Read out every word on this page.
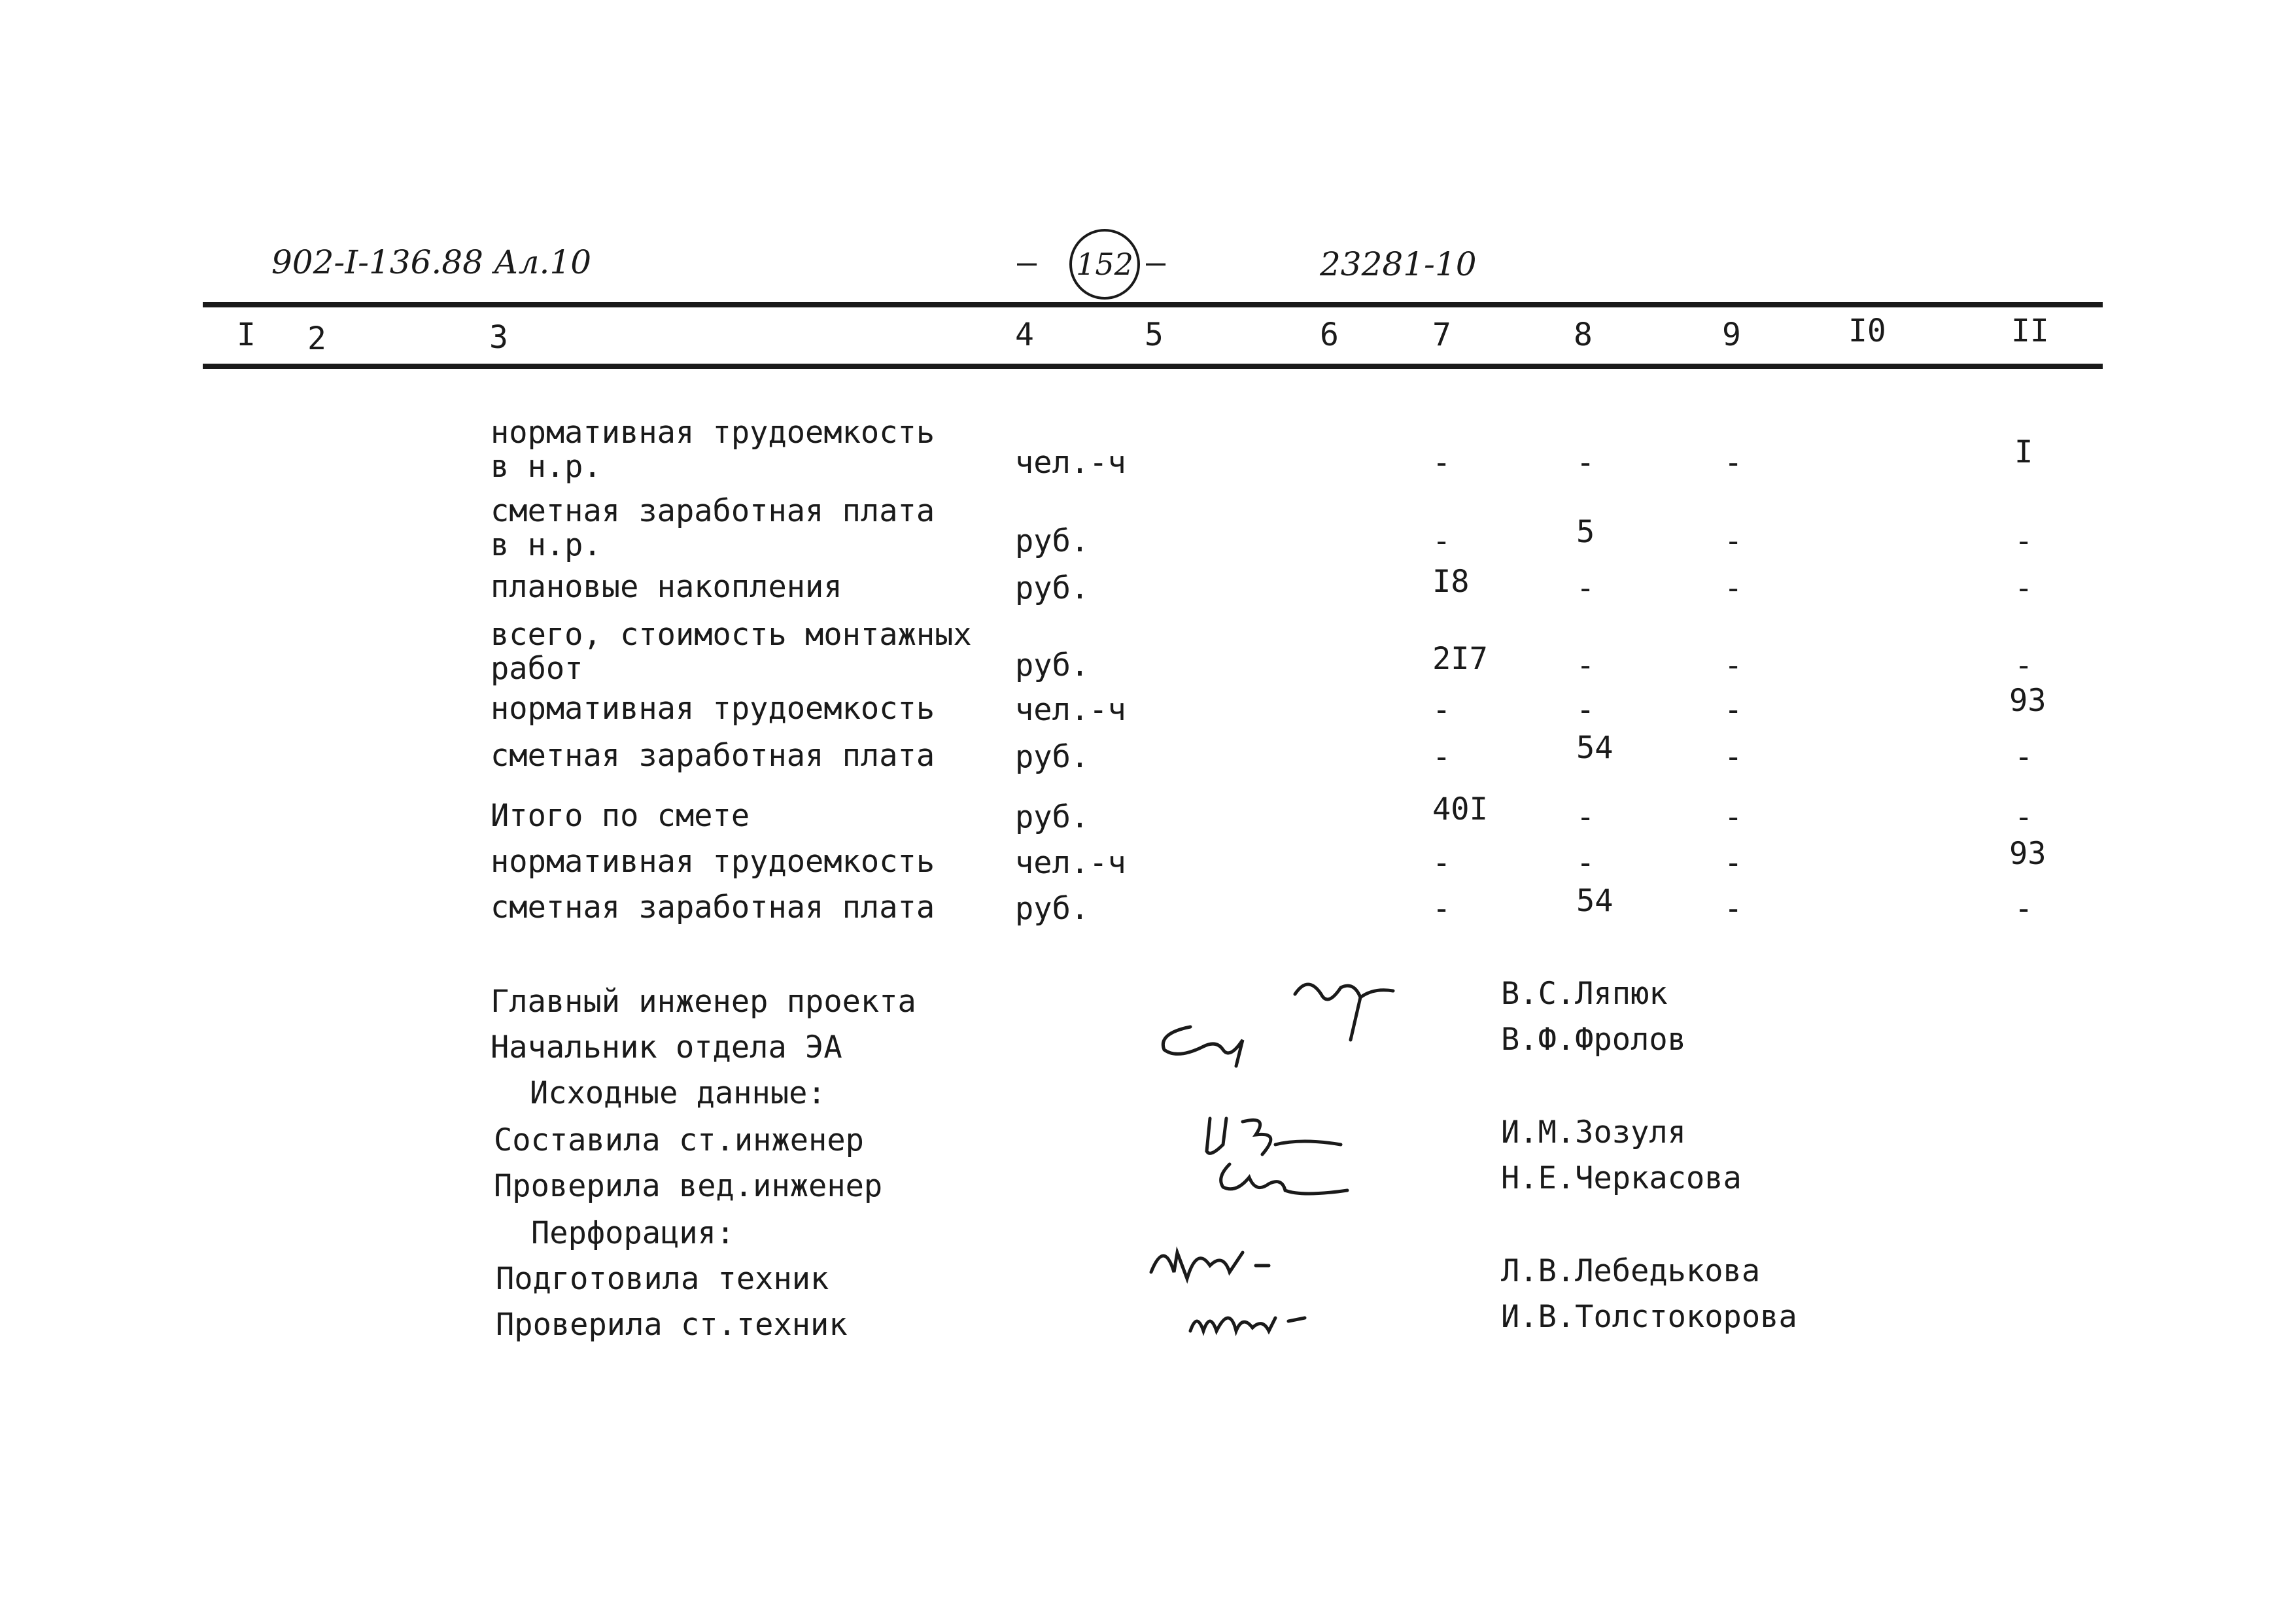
902-I-136.88 Ал.10	– 152 –	23281-10
I 2	3	4	5	6	7	8	9	I0	II
нормативная трудоемкость
в н.р.	чел.-ч	-	-	-	I
сметная заработная плата
в н.р.	руб.	-	5	-	-
плановые накопления	руб.	I8	-	-	-
всего, стоимость монтажных
работ	руб.	2I7	-	-	-
нормативная трудоемкость	чел.-ч	-	-	-	93
сметная заработная плата	руб.	-	54	-	-
Итого по смете	руб.	40I	-	-	-
нормативная трудоемкость	чел.-ч	-	-	-	93
сметная заработная плата	руб.	-	54	-	-
Главный инженер проекта
Начальник отдела ЭА
Исходные данные:
Составила ст.инженер
Проверила вед.инженер
Перфорация:
Подготовила техник
Проверила ст.техник
В.С.Ляпюк
В.Ф.Фролов
И.М.Зозуля
Н.Е.Черкасова
Л.В.Лебедькова
И.В.Толстокорова
